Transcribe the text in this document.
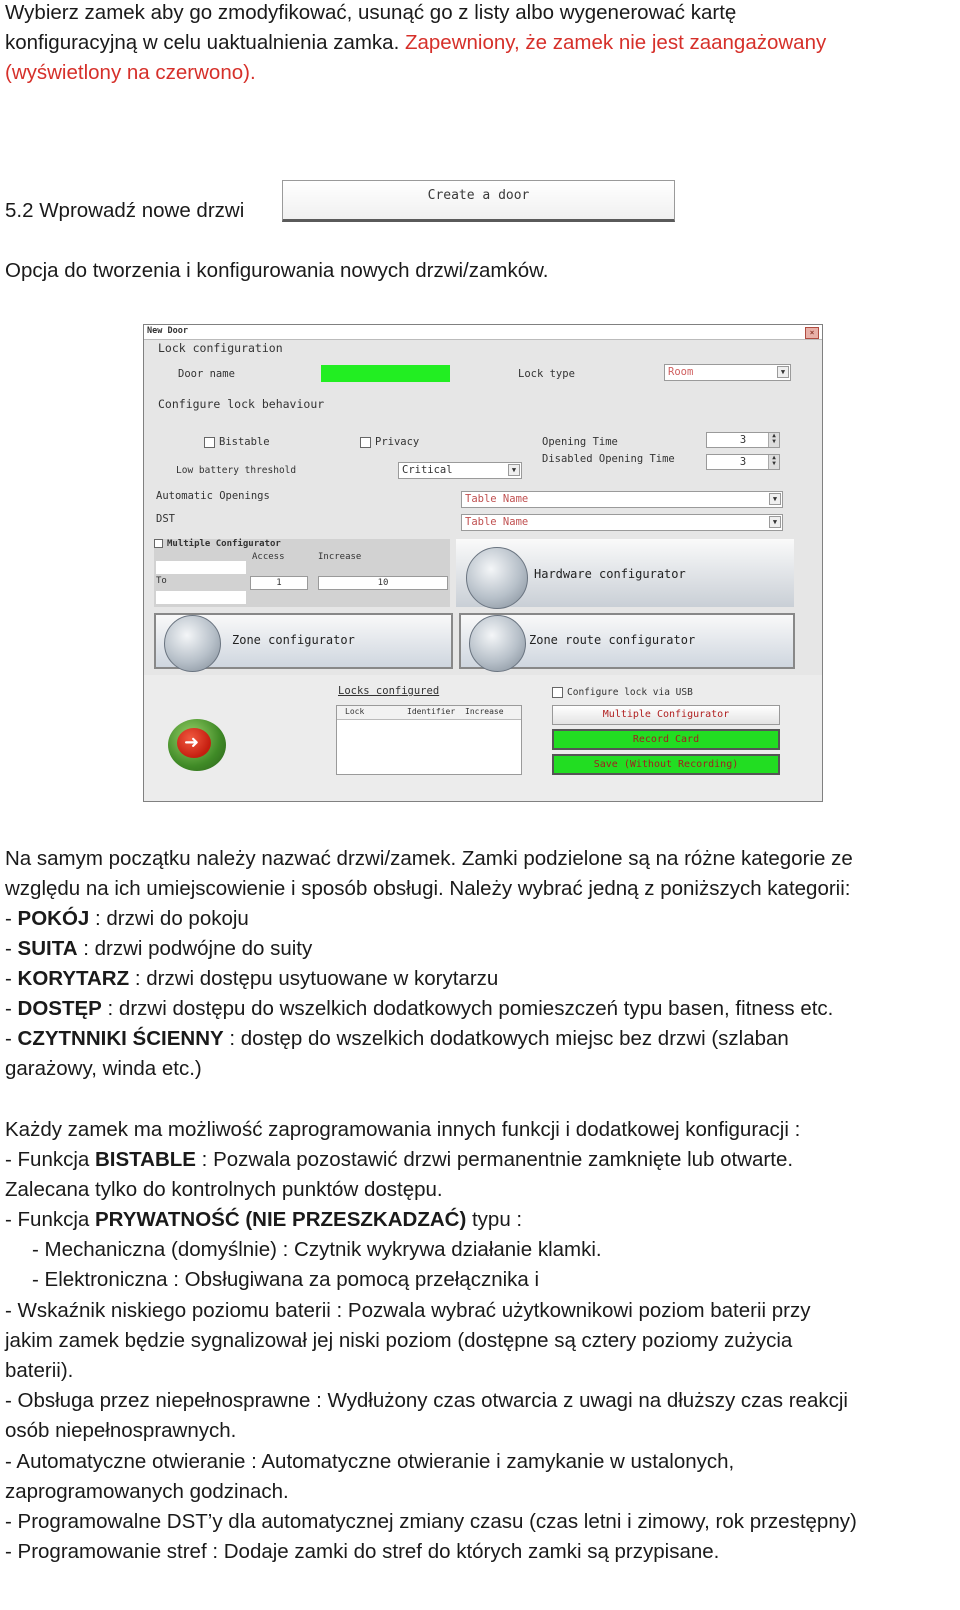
Wybierz zamek aby go zmodyfikować, usunąć go z listy albo wygenerować kartę
konfiguracyjną w celu uaktualnienia zamka. Zapewniony, że zamek nie jest zaangażowany
(wyświetlony na czerwono).
5.2 Wprowadź nowe drzwi
Create a door
Opcja do tworzenia i konfigurowania nowych drzwi/zamków.
New Door	×
Lock configuration
Door name	Lock type	Room	▼
Configure lock behaviour
Bistable	Privacy	Opening Time	3	▲
▼
Disabled Opening Time	3	▲
▼
Low battery threshold	Critical	▼
Automatic Openings	Table Name	▼
DST	Table Name	▼
Multiple Configurator
Access	Increase
To	1	10
Hardware configurator
Zone configurator	Zone route configurator
➜
Locks configured
Lock	Identifier Increase
Configure lock via USB
Multiple Configurator
Record Card
Save (Without Recording)
Na samym początku należy nazwać drzwi/zamek. Zamki podzielone są na różne kategorie ze
względu na ich umiejscowienie i sposób obsługi. Należy wybrać jedną z poniższych kategorii:
- POKÓJ : drzwi do pokoju
- SUITA : drzwi podwójne do suity
- KORYTARZ : drzwi dostępu usytuowane w korytarzu
- DOSTĘP : drzwi dostępu do wszelkich dodatkowych pomieszczeń typu basen, fitness etc.
- CZYTNNIKI ŚCIENNY : dostęp do wszelkich dodatkowych miejsc bez drzwi (szlaban
garażowy, winda etc.)
Każdy zamek ma możliwość zaprogramowania innych funkcji i dodatkowej konfiguracji :
- Funkcja BISTABLE : Pozwala pozostawić drzwi permanentnie zamknięte lub otwarte.
Zalecana tylko do kontrolnych punktów dostępu.
- Funkcja PRYWATNOŚĆ (NIE PRZESZKADZAĆ) typu :
- Mechaniczna (domyślnie) : Czytnik wykrywa działanie klamki.
- Elektroniczna : Obsługiwana za pomocą przełącznika i
- Wskaźnik niskiego poziomu baterii : Pozwala wybrać użytkownikowi poziom baterii przy
jakim zamek będzie sygnalizował jej niski poziom (dostępne są cztery poziomy zużycia
baterii).
- Obsługa przez niepełnosprawne : Wydłużony czas otwarcia z uwagi na dłuższy czas reakcji
osób niepełnosprawnych.
- Automatyczne otwieranie : Automatyczne otwieranie i zamykanie w ustalonych,
zaprogramowanych godzinach.
- Programowalne DST’y dla automatycznej zmiany czasu (czas letni i zimowy, rok przestępny)
- Programowanie stref : Dodaje zamki do stref do których zamki są przypisane.
